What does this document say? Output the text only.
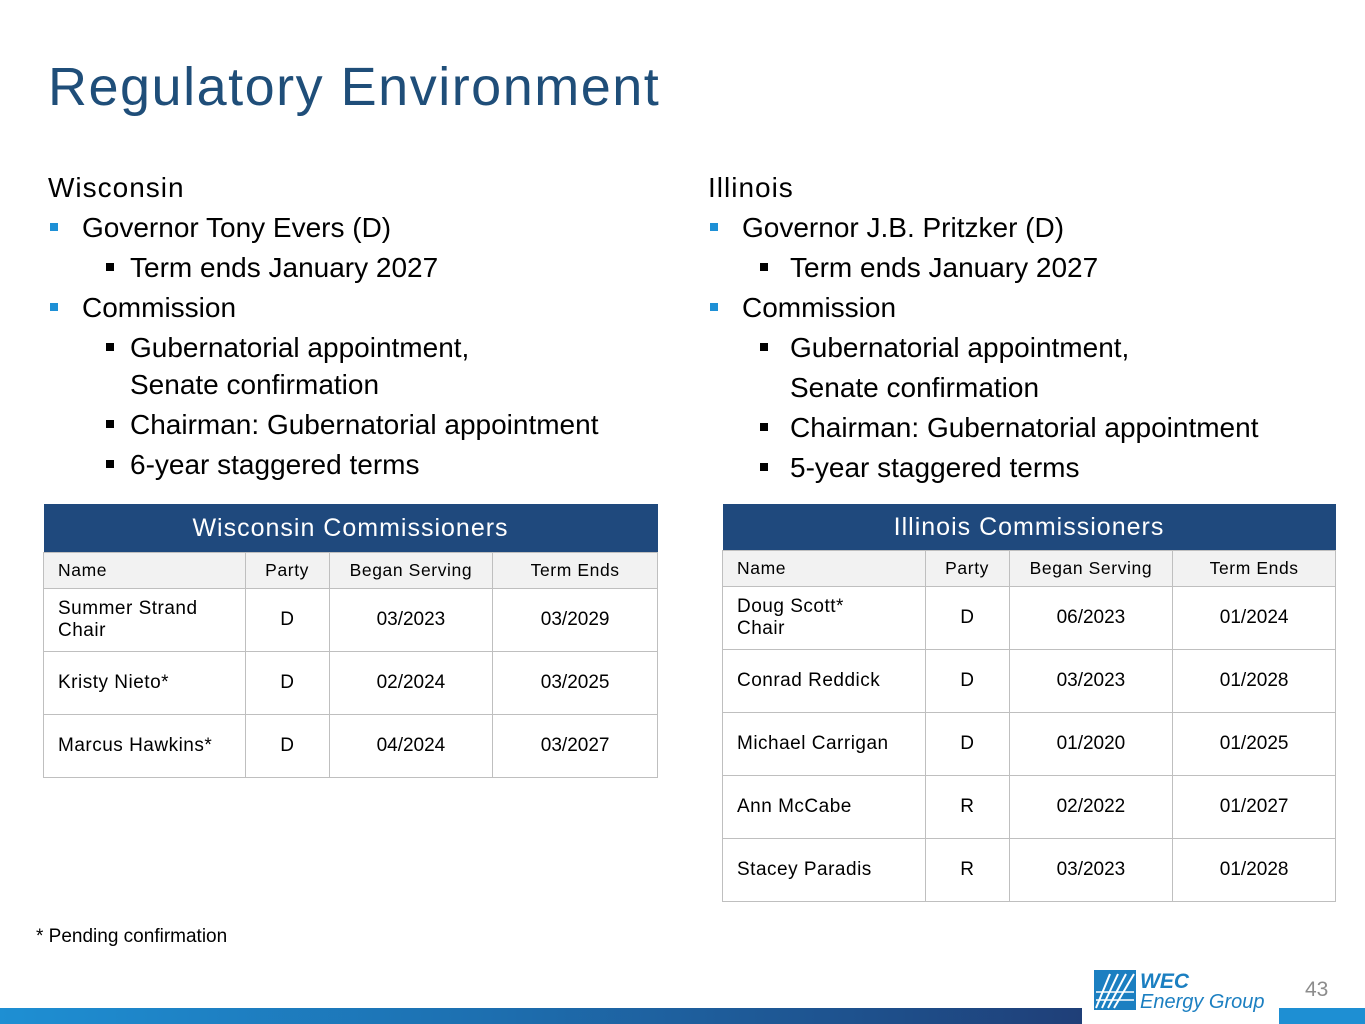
Regulatory Environment
Wisconsin
Governor Tony Evers (D)
Term ends January 2027
Commission
Gubernatorial appointment,
Senate confirmation
Chairman: Gubernatorial appointment
6-year staggered terms
Illinois
Governor J.B. Pritzker (D)
Term ends January 2027
Commission
Gubernatorial appointment,
Senate confirmation
Chairman: Gubernatorial appointment
5-year staggered terms
Wisconsin Commissioners			
Name	Party	Began Serving	Term Ends
Summer Strand
Chair	D	03/2023	03/2029
Kristy Nieto*	D	02/2024	03/2025
Marcus Hawkins*	D	04/2024	03/2027
Illinois Commissioners			
Name	Party	Began Serving	Term Ends
Doug Scott*
Chair	D	06/2023	01/2024
Conrad Reddick	D	03/2023	01/2028
Michael Carrigan	D	01/2020	01/2025
Ann McCabe	R	02/2022	01/2027
Stacey Paradis	R	03/2023	01/2028
* Pending confirmation
WEC
Energy Group
43
